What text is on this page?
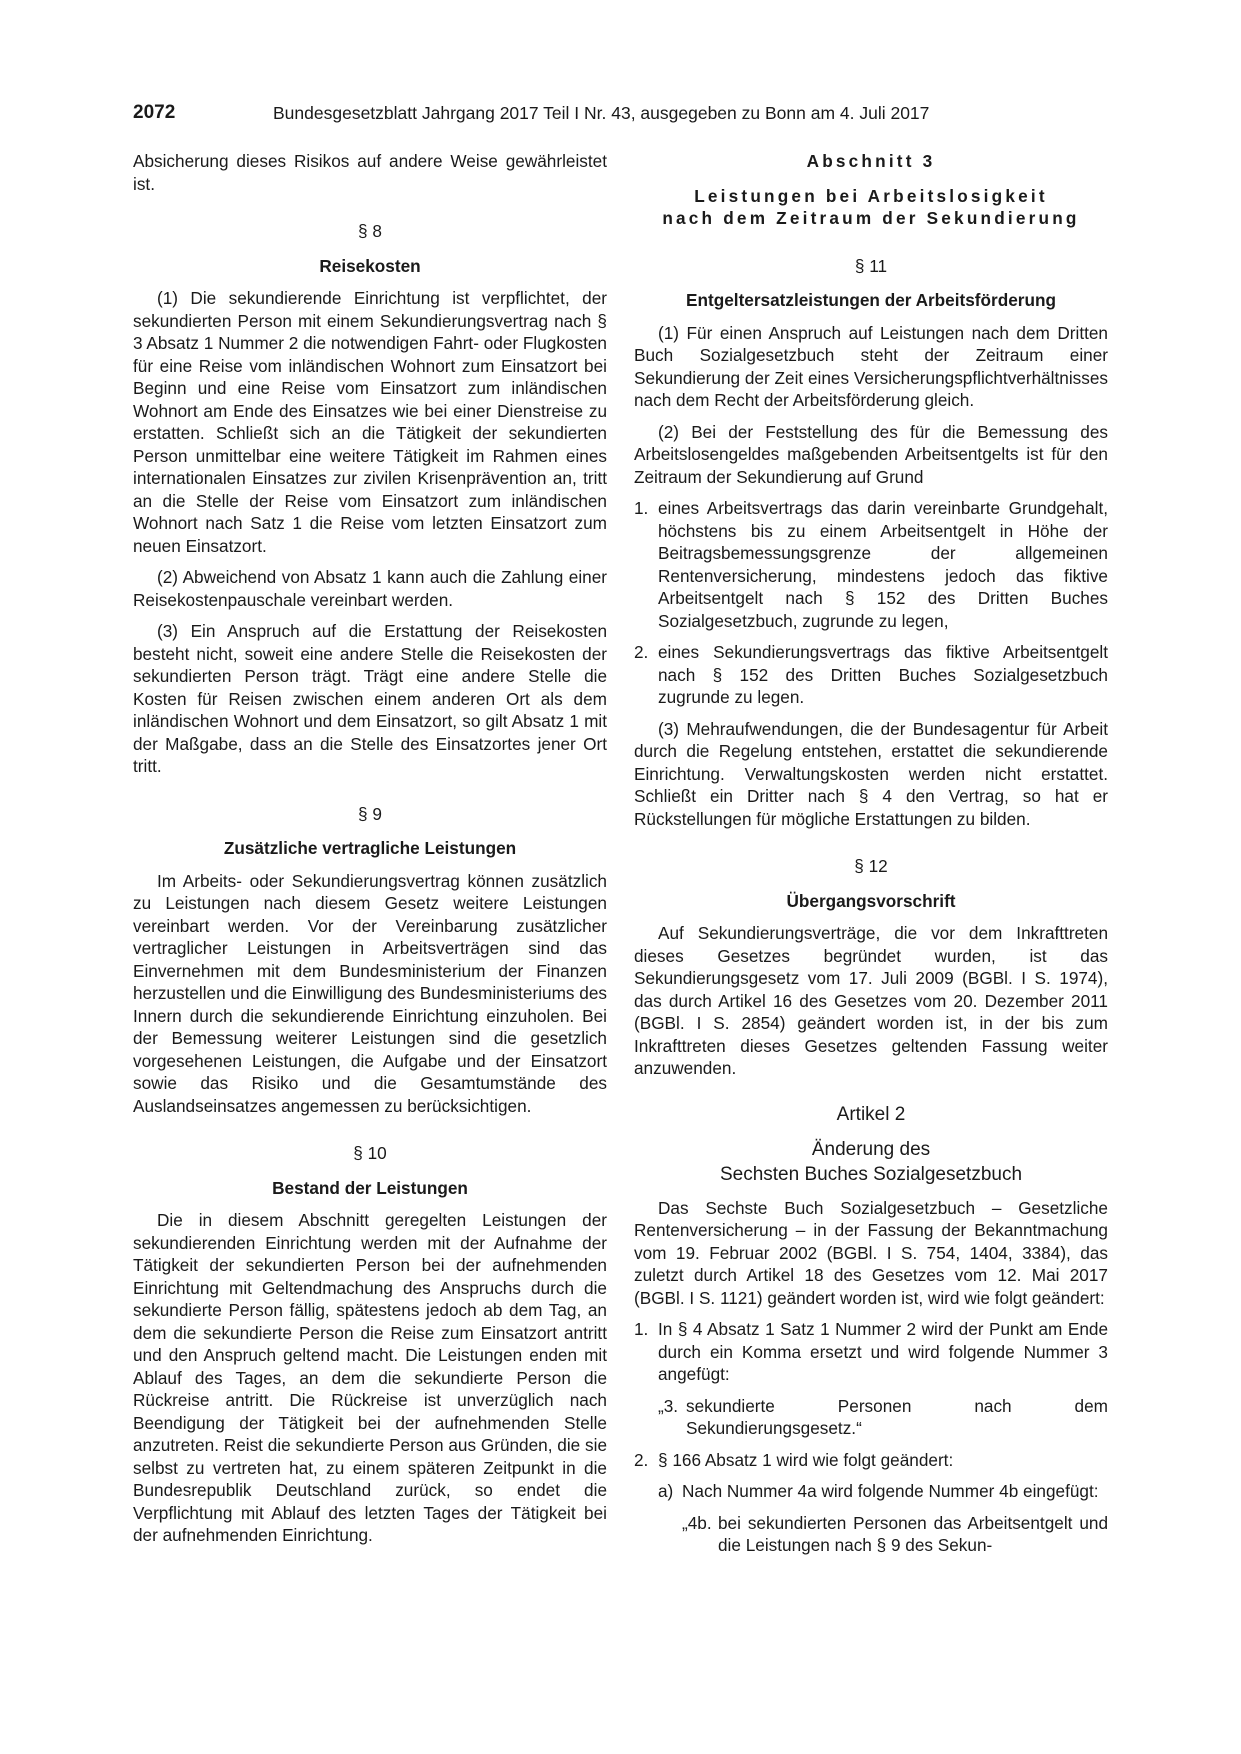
2072	Bundesgesetzblatt Jahrgang 2017 Teil I Nr. 43, ausgegeben zu Bonn am 4. Juli 2017

Absicherung dieses Risikos auf andere Weise gewährleistet ist.

§ 8

Reisekosten

(1) Die sekundierende Einrichtung ist verpflichtet, der sekundierten Person mit einem Sekundierungsvertrag nach § 3 Absatz 1 Nummer 2 die notwendigen Fahrt- oder Flugkosten für eine Reise vom inländischen Wohnort zum Einsatzort bei Beginn und eine Reise vom Einsatzort zum inländischen Wohnort am Ende des Einsatzes wie bei einer Dienstreise zu erstatten. Schließt sich an die Tätigkeit der sekundierten Person unmittelbar eine weitere Tätigkeit im Rahmen eines internationalen Einsatzes zur zivilen Krisenprävention an, tritt an die Stelle der Reise vom Einsatzort zum inländischen Wohnort nach Satz 1 die Reise vom letzten Einsatzort zum neuen Einsatzort.

(2) Abweichend von Absatz 1 kann auch die Zahlung einer Reisekostenpauschale vereinbart werden.

(3) Ein Anspruch auf die Erstattung der Reisekosten besteht nicht, soweit eine andere Stelle die Reisekosten der sekundierten Person trägt. Trägt eine andere Stelle die Kosten für Reisen zwischen einem anderen Ort als dem inländischen Wohnort und dem Einsatzort, so gilt Absatz 1 mit der Maßgabe, dass an die Stelle des Einsatzortes jener Ort tritt.

§ 9

Zusätzliche vertragliche Leistungen

Im Arbeits- oder Sekundierungsvertrag können zusätzlich zu Leistungen nach diesem Gesetz weitere Leistungen vereinbart werden. Vor der Vereinbarung zusätzlicher vertraglicher Leistungen in Arbeitsverträgen sind das Einvernehmen mit dem Bundesministerium der Finanzen herzustellen und die Einwilligung des Bundesministeriums des Innern durch die sekundierende Einrichtung einzuholen. Bei der Bemessung weiterer Leistungen sind die gesetzlich vorgesehenen Leistungen, die Aufgabe und der Einsatzort sowie das Risiko und die Gesamtumstände des Auslandseinsatzes angemessen zu berücksichtigen.

§ 10

Bestand der Leistungen

Die in diesem Abschnitt geregelten Leistungen der sekundierenden Einrichtung werden mit der Aufnahme der Tätigkeit der sekundierten Person bei der aufnehmenden Einrichtung mit Geltendmachung des Anspruchs durch die sekundierte Person fällig, spätestens jedoch ab dem Tag, an dem die sekundierte Person die Reise zum Einsatzort antritt und den Anspruch geltend macht. Die Leistungen enden mit Ablauf des Tages, an dem die sekundierte Person die Rückreise antritt. Die Rückreise ist unverzüglich nach Beendigung der Tätigkeit bei der aufnehmenden Stelle anzutreten. Reist die sekundierte Person aus Gründen, die sie selbst zu vertreten hat, zu einem späteren Zeitpunkt in die Bundesrepublik Deutschland zurück, so endet die Verpflichtung mit Ablauf des letzten Tages der Tätigkeit bei der aufnehmenden Einrichtung.

Abschnitt 3

Leistungen bei Arbeitslosigkeit

nach dem Zeitraum der Sekundierung

§ 11

Entgeltersatzleistungen der Arbeitsförderung

(1) Für einen Anspruch auf Leistungen nach dem Dritten Buch Sozialgesetzbuch steht der Zeitraum einer Sekundierung der Zeit eines Versicherungspflichtverhältnisses nach dem Recht der Arbeitsförderung gleich.

(2) Bei der Feststellung des für die Bemessung des Arbeitslosengeldes maßgebenden Arbeitsentgelts ist für den Zeitraum der Sekundierung auf Grund

1. eines Arbeitsvertrags das darin vereinbarte Grundgehalt, höchstens bis zu einem Arbeitsentgelt in Höhe der Beitragsbemessungsgrenze der allgemeinen Rentenversicherung, mindestens jedoch das fiktive Arbeitsentgelt nach § 152 des Dritten Buches Sozialgesetzbuch, zugrunde zu legen,
2. eines Sekundierungsvertrags das fiktive Arbeitsentgelt nach § 152 des Dritten Buches Sozialgesetzbuch zugrunde zu legen.

(3) Mehraufwendungen, die der Bundesagentur für Arbeit durch die Regelung entstehen, erstattet die sekundierende Einrichtung. Verwaltungskosten werden nicht erstattet. Schließt ein Dritter nach § 4 den Vertrag, so hat er Rückstellungen für mögliche Erstattungen zu bilden.

§ 12

Übergangsvorschrift

Auf Sekundierungsverträge, die vor dem Inkrafttreten dieses Gesetzes begründet wurden, ist das Sekundierungsgesetz vom 17. Juli 2009 (BGBl. I S. 1974), das durch Artikel 16 des Gesetzes vom 20. Dezember 2011 (BGBl. I S. 2854) geändert worden ist, in der bis zum Inkrafttreten dieses Gesetzes geltenden Fassung weiter anzuwenden.

Artikel 2

Änderung des

Sechsten Buches Sozialgesetzbuch

Das Sechste Buch Sozialgesetzbuch – Gesetzliche Rentenversicherung – in der Fassung der Bekanntmachung vom 19. Februar 2002 (BGBl. I S. 754, 1404, 3384), das zuletzt durch Artikel 18 des Gesetzes vom 12. Mai 2017 (BGBl. I S. 1121) geändert worden ist, wird wie folgt geändert:

1. In § 4 Absatz 1 Satz 1 Nummer 2 wird der Punkt am Ende durch ein Komma ersetzt und wird folgende Nummer 3 angefügt:
„3. sekundierte Personen nach dem Sekundierungsgesetz.“
2. § 166 Absatz 1 wird wie folgt geändert:
a) Nach Nummer 4a wird folgende Nummer 4b eingefügt:
„4b. bei sekundierten Personen das Arbeitsentgelt und die Leistungen nach § 9 des Sekun-
